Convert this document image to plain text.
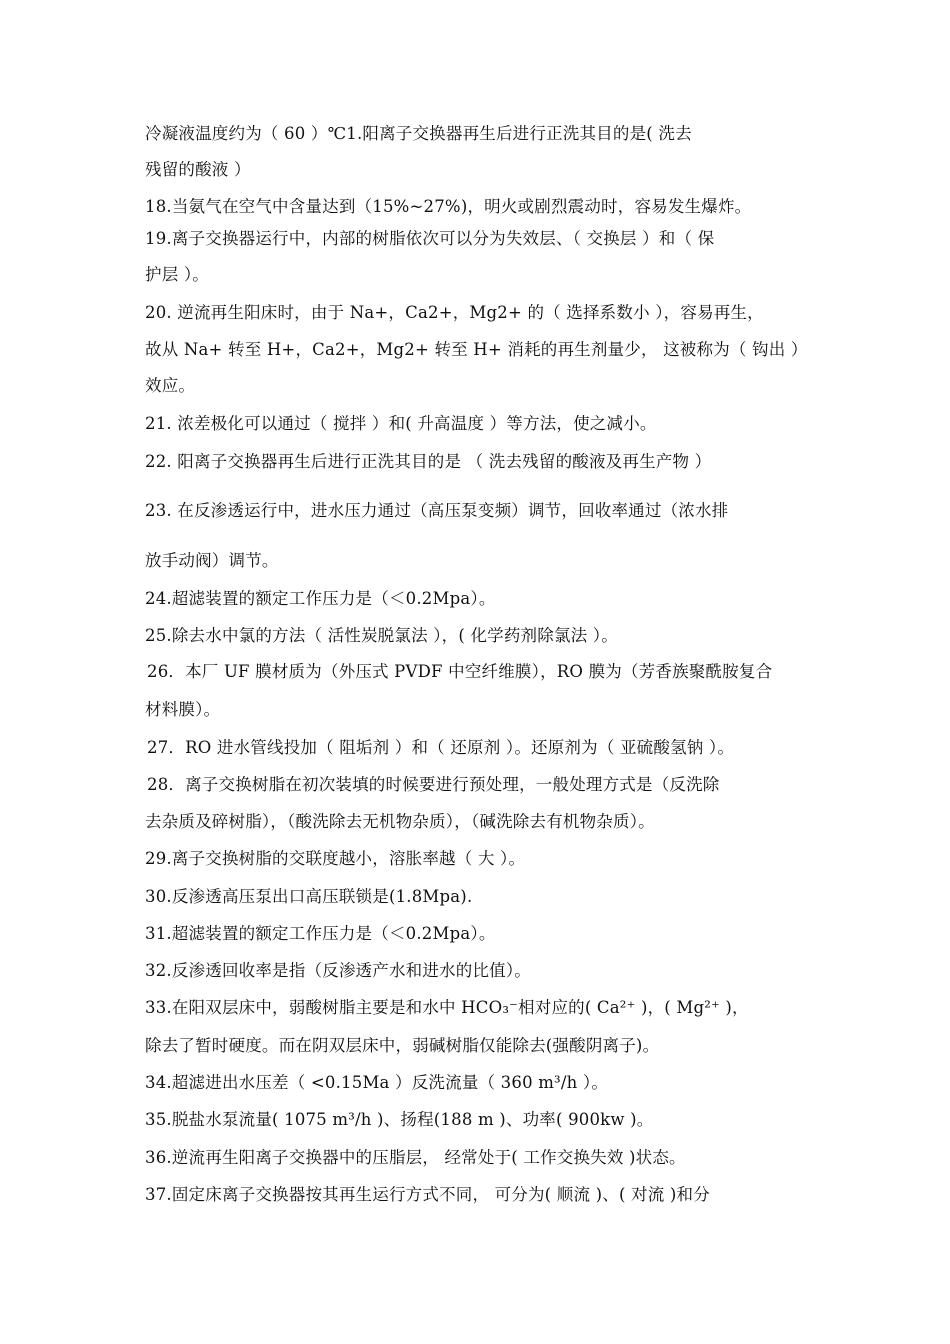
冷凝液温度约为（ 60 ）℃1.阳离子交换器再生后进行正洗其目的是( 洗去
残留的酸液 ）
18.当氨气在空气中含量达到（15%~27%)，明火或剧烈震动时，容易发生爆炸。
19.离子交换器运行中，内部的树脂依次可以分为失效层、（ 交换层 ）和（ 保
护层 ）。
20. 逆流再生阳床时，由于 Na+，Ca2+，Mg2+ 的（ 选择系数小 ），容易再生，
故从 Na+ 转至 H+，Ca2+，Mg2+ 转至 H+ 消耗的再生剂量少， 这被称为（ 钩出 ）
效应。
21. 浓差极化可以通过（ 搅拌 ）和( 升高温度 ）等方法，使之减小。
22. 阳离子交换器再生后进行正洗其目的是 （ 洗去残留的酸液及再生产物 ）
23. 在反渗透运行中，进水压力通过（高压泵变频）调节，回收率通过（浓水排
放手动阀）调节。
24.超滤装置的额定工作压力是（＜0.2Mpa）。
25.除去水中氯的方法（ 活性炭脱氯法 ），( 化学药剂除氯法 ）。
26．本厂 UF 膜材质为（外压式 PVDF 中空纤维膜），RO 膜为（芳香族聚酰胺复合
材料膜）。
27．RO 进水管线投加（ 阻垢剂 ）和（ 还原剂 ）。还原剂为（ 亚硫酸氢钠 ）。
28．离子交换树脂在初次装填的时候要进行预处理，一般处理方式是（反洗除
去杂质及碎树脂），（酸洗除去无机物杂质），（碱洗除去有机物杂质）。
29.离子交换树脂的交联度越小，溶胀率越（ 大 ）。
30.反渗透高压泵出口高压联锁是(1.8Mpa).
31.超滤装置的额定工作压力是（＜0.2Mpa）。
32.反渗透回收率是指（反渗透产水和进水的比值）。
33.在阳双层床中，弱酸树脂主要是和水中 HCO₃⁻相对应的( Ca²⁺ )，( Mg²⁺ )，
除去了暂时硬度。而在阴双层床中，弱碱树脂仅能除去(强酸阴离子)。
34.超滤进出水压差（ <0.15Ma ）反洗流量（ 360 m³/h ）。
35.脱盐水泵流量( 1075 m³/h )、扬程(188 m )、功率( 900kw )。
36.逆流再生阳离子交换器中的压脂层， 经常处于( 工作交换失效 )状态。
37.固定床离子交换器按其再生运行方式不同， 可分为( 顺流 )、( 对流 )和分
